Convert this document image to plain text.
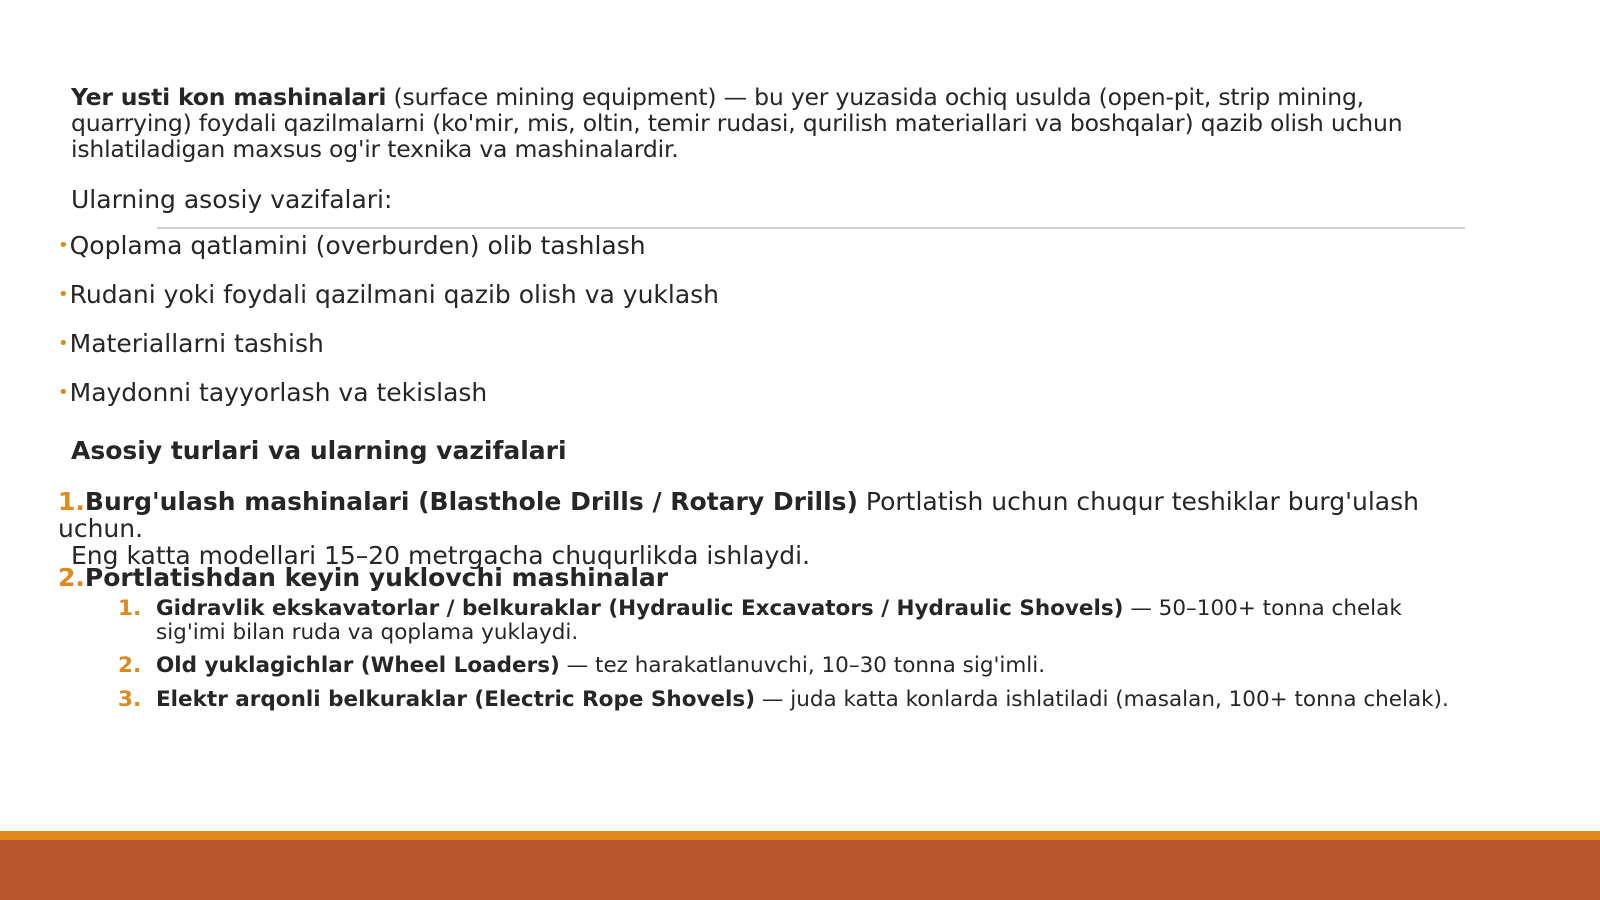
Yer usti kon mashinalari (surface mining equipment) — bu yer yuzasida ochiq usulda (open-pit, strip mining, quarrying) foydali qazilmalarni (ko'mir, mis, oltin, temir rudasi, qurilish materiallari va boshqalar) qazib olish uchun ishlatiladigan maxsus og'ir texnika va mashinalardir.
Ularning asosiy vazifalari:
•Qoplama qatlamini (overburden) olib tashlash
•Rudani yoki foydali qazilmani qazib olish va yuklash
•Materiallarni tashish
•Maydonni tayyorlash va tekislash
Asosiy turlari va ularning vazifalari
1.Burg'ulash mashinalari (Blasthole Drills / Rotary Drills) Portlatish uchun chuqur teshiklar burg'ulash uchun.
Eng katta modellari 15–20 metrgacha chuqurlikda ishlaydi.
2.Portlatishdan keyin yuklovchi mashinalar
1. Gidravlik ekskavatorlar / belkuraklar (Hydraulic Excavators / Hydraulic Shovels) — 50–100+ tonna chelak sig'imi bilan ruda va qoplama yuklaydi.
2. Old yuklagichlar (Wheel Loaders) — tez harakatlanuvchi, 10–30 tonna sig'imli.
3. Elektr arqonli belkuraklar (Electric Rope Shovels) — juda katta konlarda ishlatiladi (masalan, 100+ tonna chelak).
